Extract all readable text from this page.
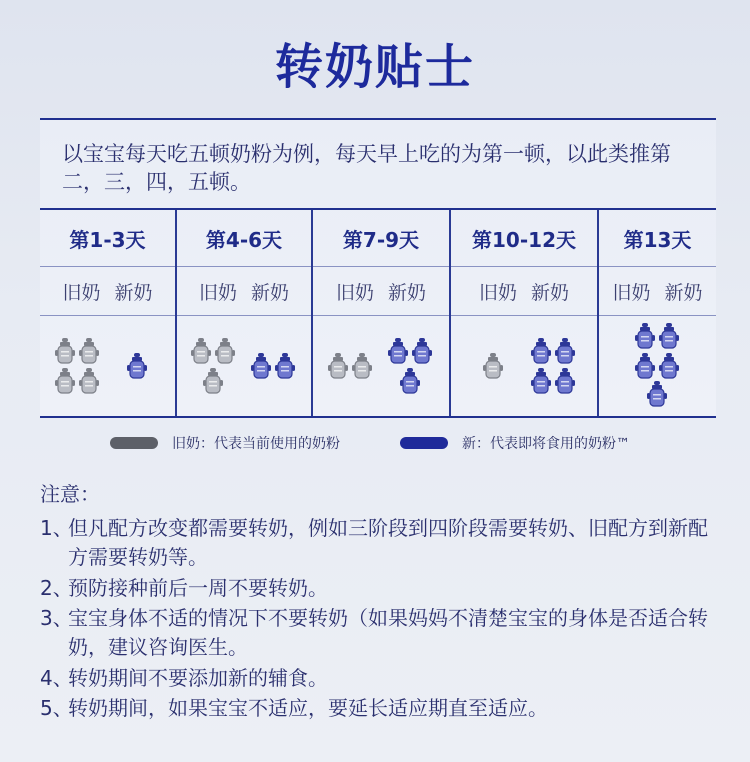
转奶贴士
以宝宝每天吃五顿奶粉为例，每天早上吃的为第一顿，以此类推第二，三，四，五顿。
第1-3天	第4-6天	第7-9天	第10-12天	第13天
旧奶 新奶	旧奶 新奶	旧奶 新奶	旧奶 新奶	旧奶 新奶

旧奶：代表当前使用的奶粉	新：代表即将食用的奶粉™
注意：
1、但凡配方改变都需要转奶，例如三阶段到四阶段需要转奶、旧配方到新配方需要转奶等。
2、预防接种前后一周不要转奶。
3、宝宝身体不适的情况下不要转奶（如果妈妈不清楚宝宝的身体是否适合转奶，建议咨询医生。
4、转奶期间不要添加新的辅食。
5、转奶期间，如果宝宝不适应，要延长适应期直至适应。
